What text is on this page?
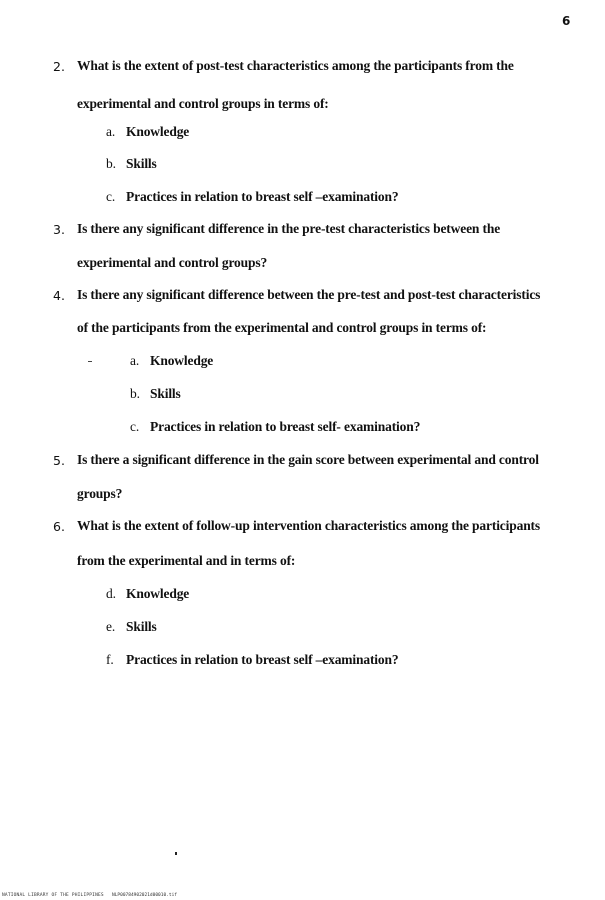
6
2. What is the extent of post-test characteristics among the participants from the
experimental and control groups in terms of:
a. Knowledge
b. Skills
c. Practices in relation to breast self –examination?
3. Is there any significant difference in the pre-test characteristics between the
experimental and control groups?
4. Is there any significant difference between the pre-test and post-test characteristics
of the participants from the experimental and control groups in terms of:
a. Knowledge
b. Skills
c. Practices in relation to breast self- examination?
5. Is there a significant difference in the gain score between experimental and control
groups?
6. What is the extent of follow-up intervention characteristics among the participants
from the experimental and in terms of:
d. Knowledge
e. Skills
f. Practices in relation to breast self –examination?
NATIONAL LIBRARY OF THE PHILIPPINES NLP00784902021d00010.tif
